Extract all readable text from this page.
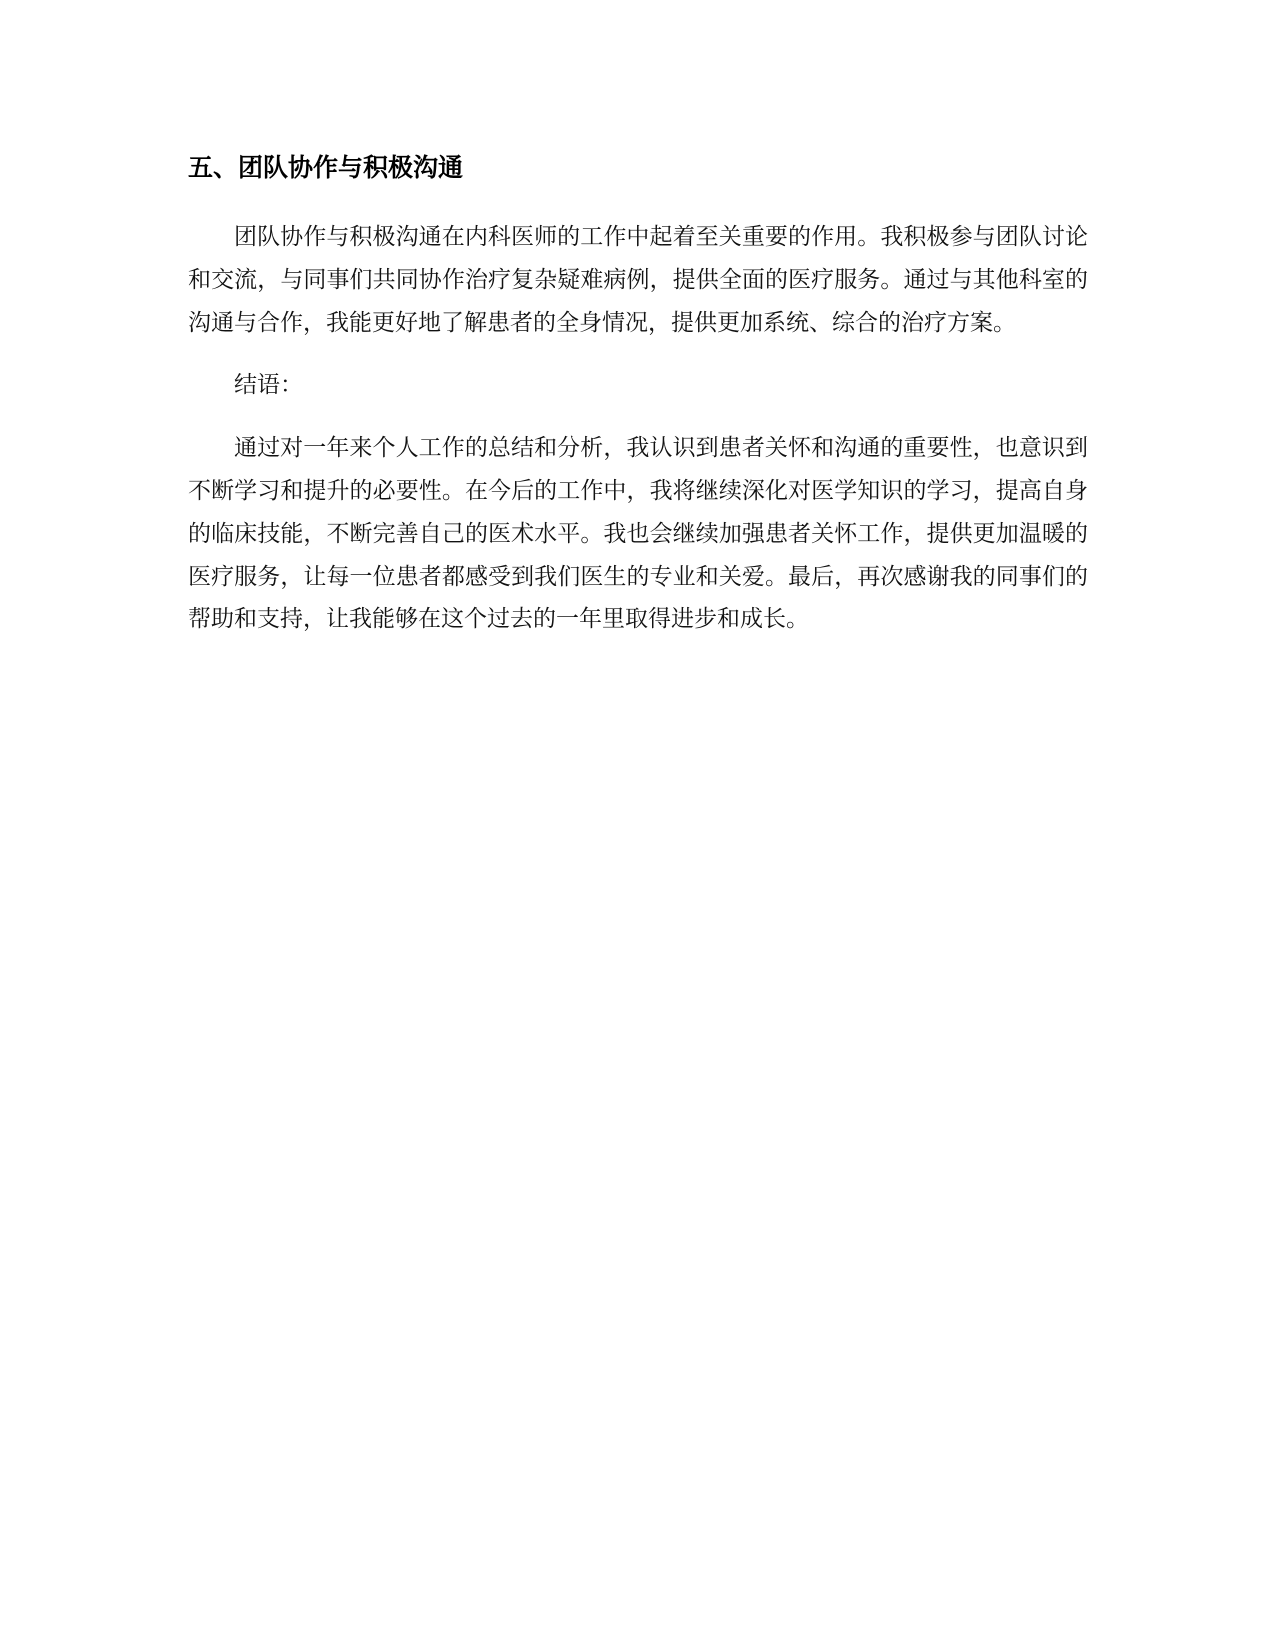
五、团队协作与积极沟通

团队协作与积极沟通在内科医师的工作中起着至关重要的作用。我积极参与团队讨论和交流，与同事们共同协作治疗复杂疑难病例，提供全面的医疗服务。通过与其他科室的沟通与合作，我能更好地了解患者的全身情况，提供更加系统、综合的治疗方案。

结语：

通过对一年来个人工作的总结和分析，我认识到患者关怀和沟通的重要性，也意识到不断学习和提升的必要性。在今后的工作中，我将继续深化对医学知识的学习，提高自身的临床技能，不断完善自己的医术水平。我也会继续加强患者关怀工作，提供更加温暖的医疗服务，让每一位患者都感受到我们医生的专业和关爱。最后，再次感谢我的同事们的帮助和支持，让我能够在这个过去的一年里取得进步和成长。
